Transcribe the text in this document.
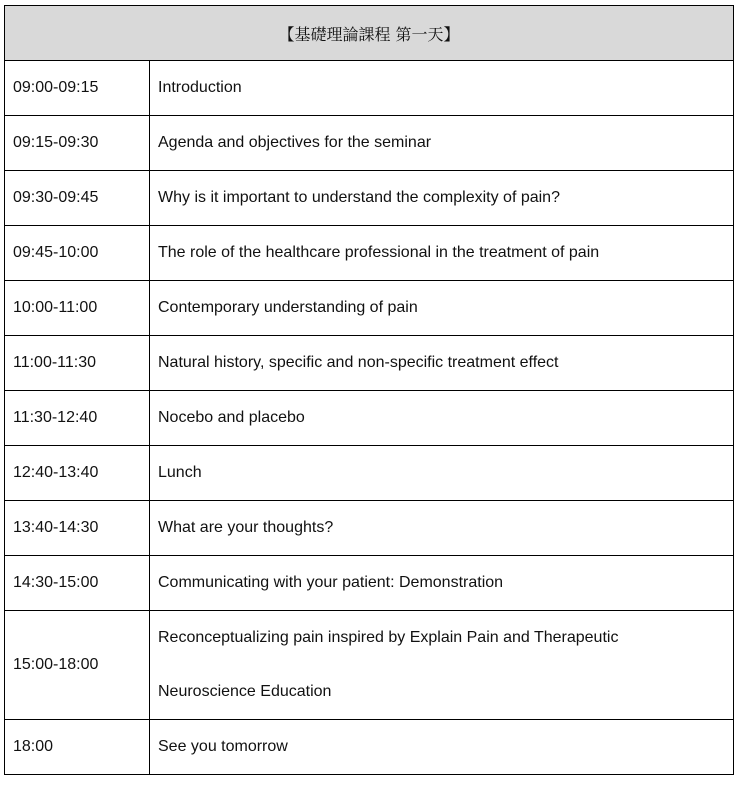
【基礎理論課程 第一天】	
09:00-09:15	Introduction
09:15-09:30	Agenda and objectives for the seminar
09:30-09:45	Why is it important to understand the complexity of pain?
09:45-10:00	The role of the healthcare professional in the treatment of pain
10:00-11:00	Contemporary understanding of pain
11:00-11:30	Natural history, specific and non-specific treatment effect
11:30-12:40	Nocebo and placebo
12:40-13:40	Lunch
13:40-14:30	What are your thoughts?
14:30-15:00	Communicating with your patient: Demonstration
15:00-18:00	Reconceptualizing pain inspired by Explain Pain and Therapeutic
Neuroscience Education

18:00	See you tomorrow
